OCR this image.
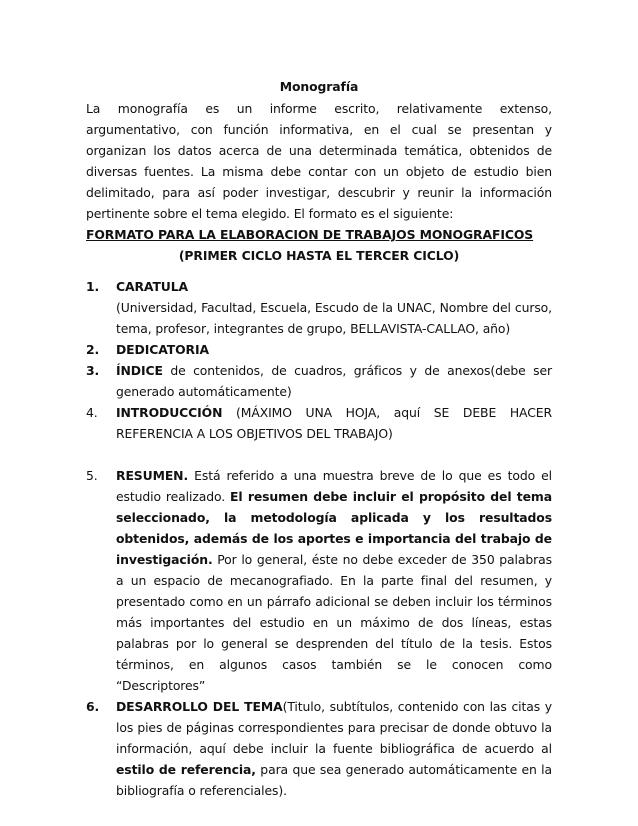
Monografía

La monografía es un informe escrito, relativamente extenso, argumentativo, con función informativa, en el cual se presentan y organizan los datos acerca de una determinada temática, obtenidos de diversas fuentes. La misma debe contar con un objeto de estudio bien delimitado, para así poder investigar, descubrir y reunir la información pertinente sobre el tema elegido. El formato es el siguiente:

FORMATO PARA LA ELABORACION DE TRABAJOS MONOGRAFICOS

(PRIMER CICLO HASTA EL TERCER CICLO)

1. CARATULA
(Universidad, Facultad, Escuela, Escudo de la UNAC, Nombre del curso, tema, profesor, integrantes de grupo, BELLAVISTA-CALLAO, año)
2. DEDICATORIA
3. ÍNDICE de contenidos, de cuadros, gráficos y de anexos(debe ser generado automáticamente)
4. INTRODUCCIÓN (MÁXIMO UNA HOJA, aquí SE DEBE HACER REFERENCIA A LOS OBJETIVOS DEL TRABAJO)
5. RESUMEN. Está referido a una muestra breve de lo que es todo el estudio realizado. El resumen debe incluir el propósito del tema seleccionado, la metodología aplicada y los resultados obtenidos, además de los aportes e importancia del trabajo de investigación. Por lo general, éste no debe exceder de 350 palabras a un espacio de mecanografiado. En la parte final del resumen, y presentado como en un párrafo adicional se deben incluir los términos más importantes del estudio en un máximo de dos líneas, estas palabras por lo general se desprenden del título de la tesis. Estos términos, en algunos casos también se le conocen como “Descriptores”
6. DESARROLLO DEL TEMA(Titulo, subtítulos, contenido con las citas y los pies de páginas correspondientes para precisar de donde obtuvo la información, aquí debe incluir la fuente bibliográfica de acuerdo al estilo de referencia, para que sea generado automáticamente en la bibliografía o referenciales).
